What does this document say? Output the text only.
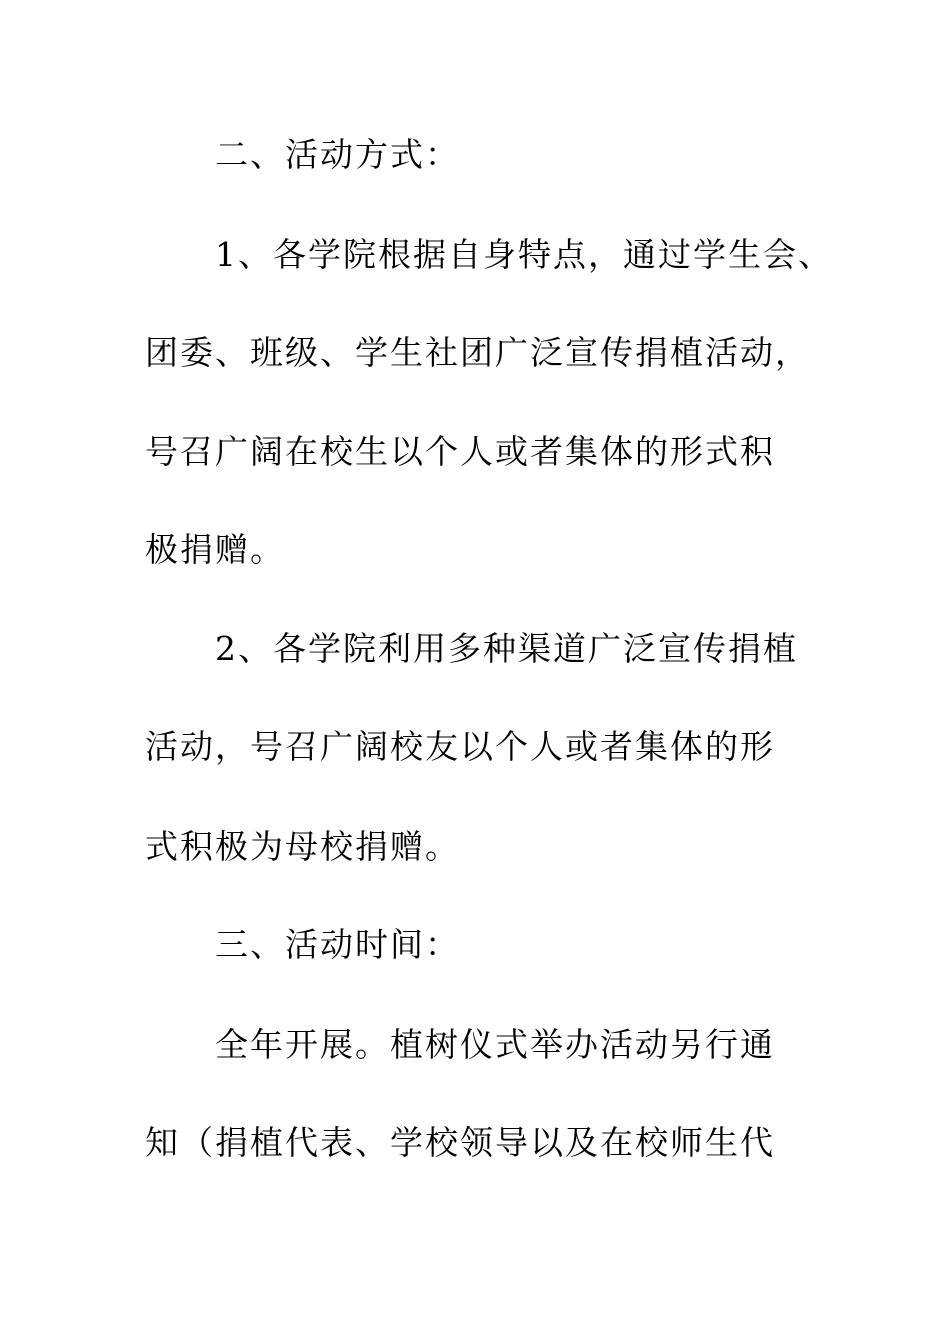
二、活动方式：
1、各学院根据自身特点，通过学生会、
团委、班级、学生社团广泛宣传捐植活动，
号召广阔在校生以个人或者集体的形式积
极捐赠。
2、各学院利用多种渠道广泛宣传捐植
活动，号召广阔校友以个人或者集体的形
式积极为母校捐赠。
三、活动时间：
全年开展。植树仪式举办活动另行通
知（捐植代表、学校领导以及在校师生代
